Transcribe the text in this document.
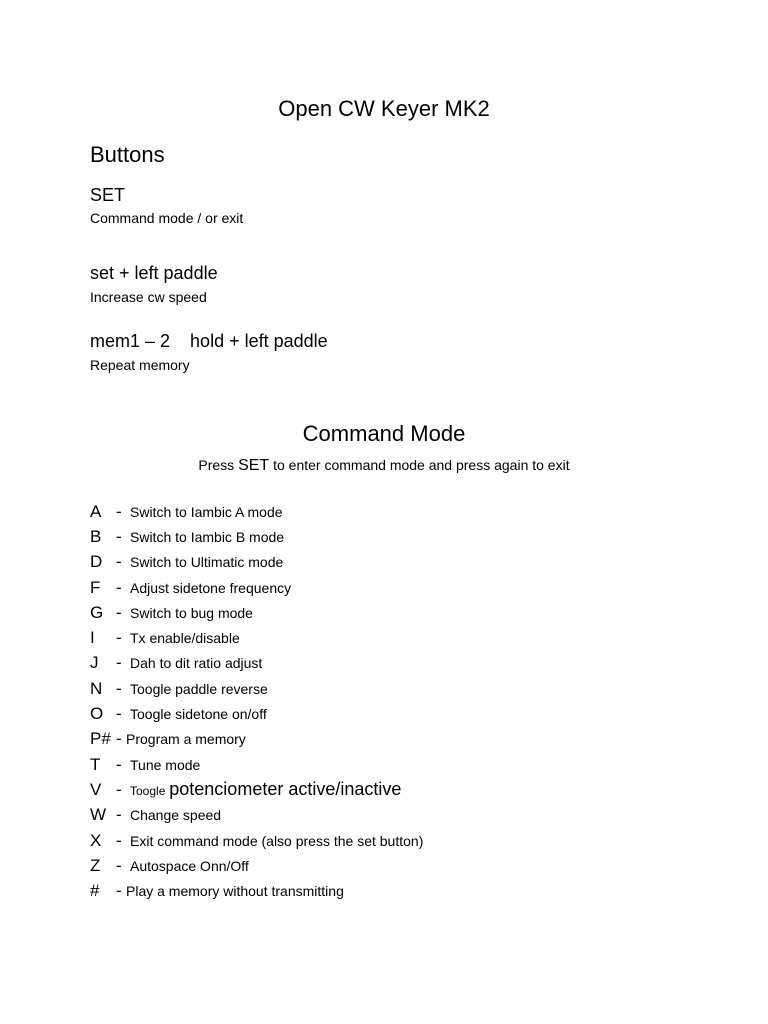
Open CW Keyer MK2
Buttons
SET
Command mode / or exit
set + left paddle
Increase cw speed
mem1 – 2 hold + left paddle
Repeat memory
Command Mode
Press SET to enter command mode and press again to exit
A - Switch to Iambic A mode
B - Switch to Iambic B mode
D - Switch to Ultimatic mode
F - Adjust sidetone frequency
G - Switch to bug mode
I	- Tx enable/disable
J	- Dah to dit ratio adjust
N - Toogle paddle reverse
O - Toogle sidetone on/off
P# - Program a memory
T - Tune mode
V - Toogle potenciometer active/inactive
W - Change speed
X - Exit command mode (also press the set button)
Z - Autospace Onn/Off
# - Play a memory without transmitting
